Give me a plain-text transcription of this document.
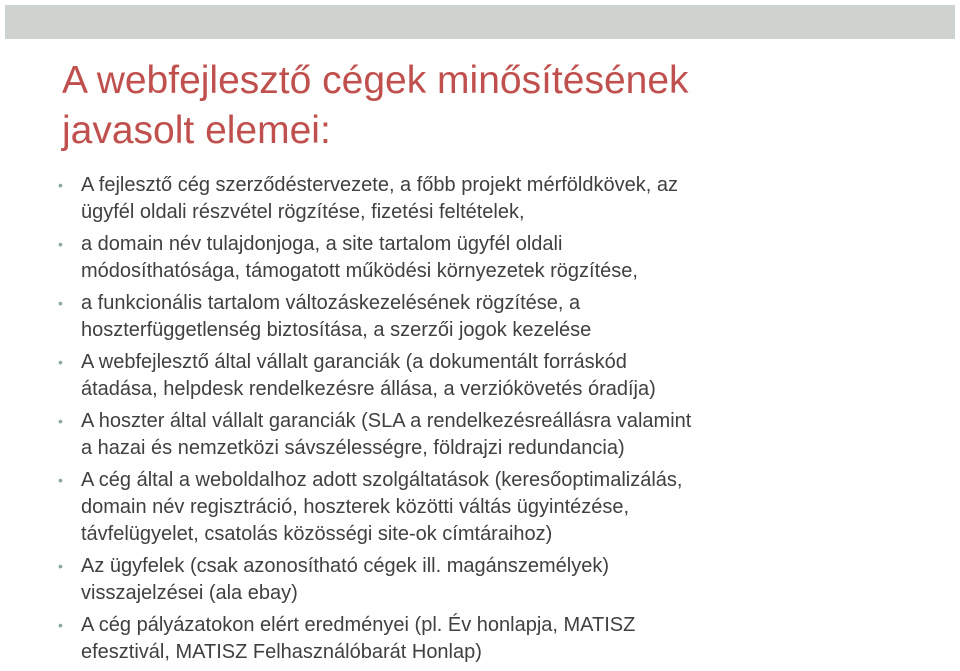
A webfejlesztő cégek minősítésének
javasolt elemei:
• A fejlesztő cég szerződéstervezete, a főbb projekt mérföldkövek, az
ügyfél oldali részvétel rögzítése, fizetési feltételek,
• a domain név tulajdonjoga, a site tartalom ügyfél oldali
módosíthatósága, támogatott működési környezetek rögzítése,
• a funkcionális tartalom változáskezelésének rögzítése, a
hoszterfüggetlenség biztosítása, a szerzői jogok kezelése
• A webfejlesztő által vállalt garanciák (a dokumentált forráskód
átadása, helpdesk rendelkezésre állása, a verziókövetés óradíja)
• A hoszter által vállalt garanciák (SLA a rendelkezésreállásra valamint
a hazai és nemzetközi sávszélességre, földrajzi redundancia)
• A cég által a weboldalhoz adott szolgáltatások (keresőoptimalizálás,
domain név regisztráció, hoszterek közötti váltás ügyintézése,
távfelügyelet, csatolás közösségi site-ok címtáraihoz)
• Az ügyfelek (csak azonosítható cégek ill. magánszemélyek)
visszajelzései (ala ebay)
• A cég pályázatokon elért eredményei (pl. Év honlapja, MATISZ
efesztivál, MATISZ Felhasználóbarát Honlap)
